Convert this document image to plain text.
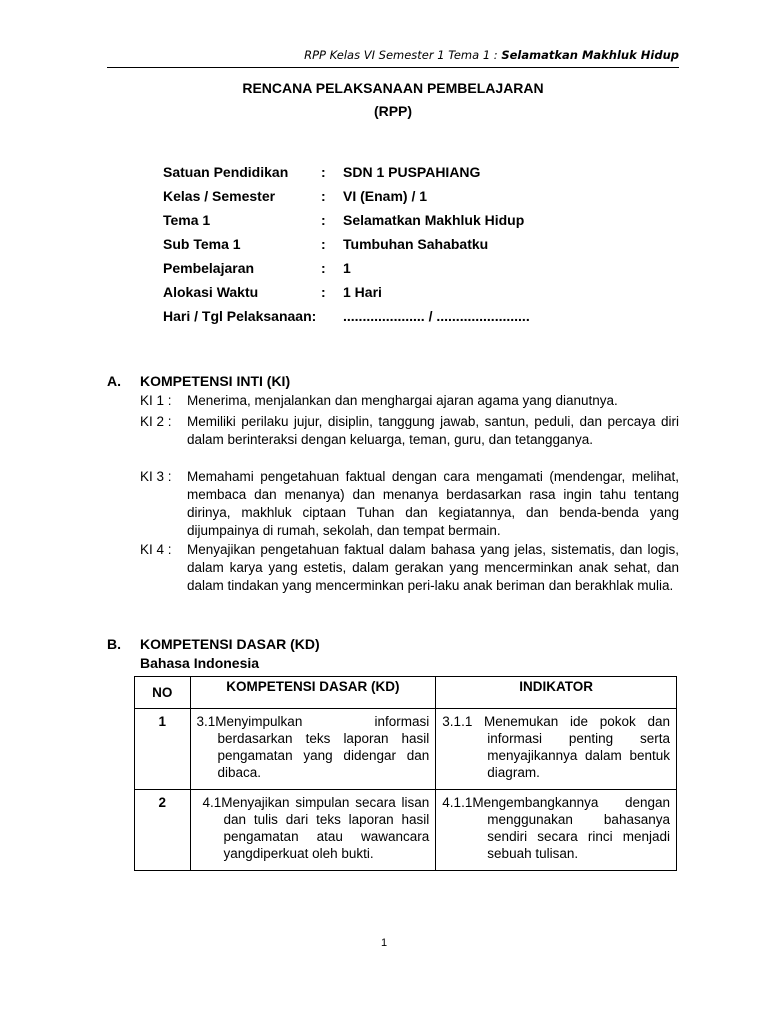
RPP Kelas VI Semester 1 Tema 1 : Selamatkan Makhluk Hidup
RENCANA PELAKSANAAN PEMBELAJARAN
(RPP)
Satuan Pendidikan : SDN 1 PUSPAHIANG
Kelas / Semester	: VI (Enam) / 1
Tema 1	: Selamatkan Makhluk Hidup
Sub Tema 1	: Tumbuhan Sahabatku
Pembelajaran	: 1
Alokasi Waktu	: 1 Hari
Hari / Tgl Pelaksanaan: ..................... / ........................
A. KOMPETENSI INTI (KI)
KI 1 : Menerima, menjalankan dan menghargai ajaran agama yang dianutnya.
KI 2 : Memiliki perilaku jujur, disiplin, tanggung jawab, santun, peduli, dan percaya diri dalam berinteraksi dengan keluarga, teman, guru, dan tetangganya.
KI 3 : Memahami pengetahuan faktual dengan cara mengamati (mendengar, melihat, membaca dan menanya) dan menanya berdasarkan rasa ingin tahu tentang dirinya, makhluk ciptaan Tuhan dan kegiatannya, dan benda-benda yang dijumpainya di rumah, sekolah, dan tempat bermain.
KI 4 : Menyajikan pengetahuan faktual dalam bahasa yang jelas, sistematis, dan logis, dalam karya yang estetis, dalam gerakan yang mencerminkan anak sehat, dan dalam tindakan yang mencerminkan peri-laku anak beriman dan berakhlak mulia.
B. KOMPETENSI DASAR (KD)
Bahasa Indonesia
NO	KOMPETENSI DASAR (KD)	INDIKATOR
1	3.1Menyimpulkan informasi berdasarkan teks laporan hasil pengamatan yang didengar dan dibaca.	3.1.1 Menemukan ide pokok dan informasi penting serta menyajikannya dalam bentuk diagram.

2	4.1Menyajikan simpulan secara lisan dan tulis dari teks laporan hasil pengamatan atau wawancara yangdiperkuat oleh bukti.	4.1.1Mengembangkannya dengan menggunakan bahasanya sendiri secara rinci menjadi sebuah tulisan.
1
